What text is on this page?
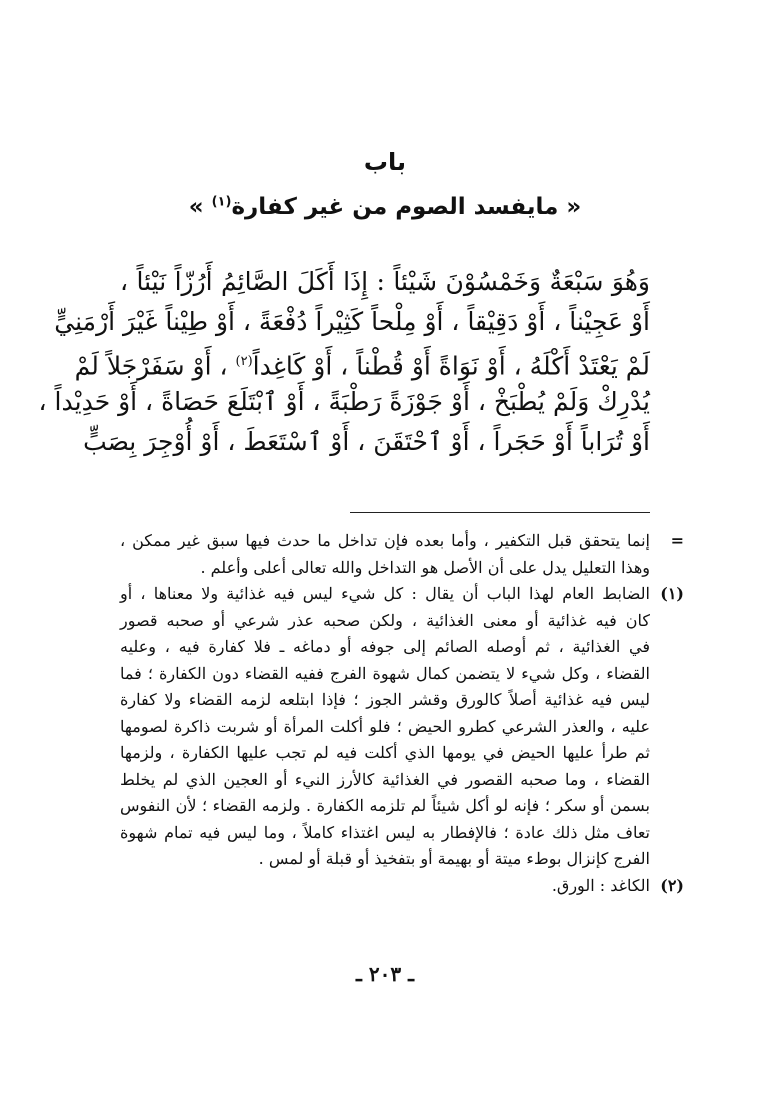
باب
« مايفسد الصوم من غير كفارة$^{(١)}$ »
وَهُوَ سَبْعَةٌ وَخَمْسُوْنَ شَيْئاً : إِذَا أَكَلَ الصَّائِمُ أَرُزّاً نَيْئاً ،
أَوْ عَجِيْناً ، أَوْ دَقِيْقاً ، أَوْ مِلْحاً كَثِيْراً دُفْعَةً ، أَوْ طِيْناً غَيْرَ أَرْمَنِيٍّ
لَمْ يَعْتَدْ أَكْلَهُ ، أَوْ نَوَاةً أَوْ قُطْناً ، أَوْ كَاغِداً$^{(٢)}$ ، أَوْ سَفَرْجَلاً لَمْ
يُدْرِكْ وَلَمْ يُطْبَخْ ، أَوْ جَوْزَةً رَطْبَةً ، أَوْ ٱبْتَلَعَ حَصَاةً ، أَوْ حَدِيْداً ،
أَوْ تُرَاباً أَوْ حَجَراً ، أَوْ ٱحْتَقَنَ ، أَوْ ٱسْتَعَطَ ، أَوْ أُوْجِرَ بِصَبٍّ
=
إنما يتحقق قبل التكفير ، وأما بعده فإن تداخل ما حدث فيها سبق غير ممكن ،
وهذا التعليل يدل على أن الأصل هو التداخل والله تعالى أعلى وأعلم .
(١)
الضابط العام لهذا الباب أن يقال : كل شيء ليس فيه غذائية ولا معناها ، أو
كان فيه غذائية أو معنى الغذائية ، ولكن صحبه عذر شرعي أو صحبه قصور
في الغذائية ، ثم أوصله الصائم إلى جوفه أو دماغه ـ فلا كفارة فيه ، وعليه
القضاء ، وكل شيء لا يتضمن كمال شهوة الفرج ففيه القضاء دون الكفارة ؛ فما
ليس فيه غذائية أصلاً كالورق وقشر الجوز ؛ فإذا ابتلعه لزمه القضاء ولا كفارة
عليه ، والعذر الشرعي كطرو الحيض ؛ فلو أكلت المرأة أو شربت ذاكرة لصومها
ثم طرأ عليها الحيض في يومها الذي أكلت فيه لم تجب عليها الكفارة ، ولزمها
القضاء ، وما صحبه القصور في الغذائية كالأرز النيء أو العجين الذي لم يخلط
بسمن أو سكر ؛ فإنه لو أكل شيئاً لم تلزمه الكفارة . ولزمه القضاء ؛ لأن النفوس
تعاف مثل ذلك عادة ؛ فالإفطار به ليس اغتذاء كاملاً ، وما ليس فيه تمام شهوة
الفرج كإنزال بوطء ميتة أو بهيمة أو بتفخيذ أو قبلة أو لمس .
(٢)
الكاغد : الورق.
ـ ٢٠٣ ـ
